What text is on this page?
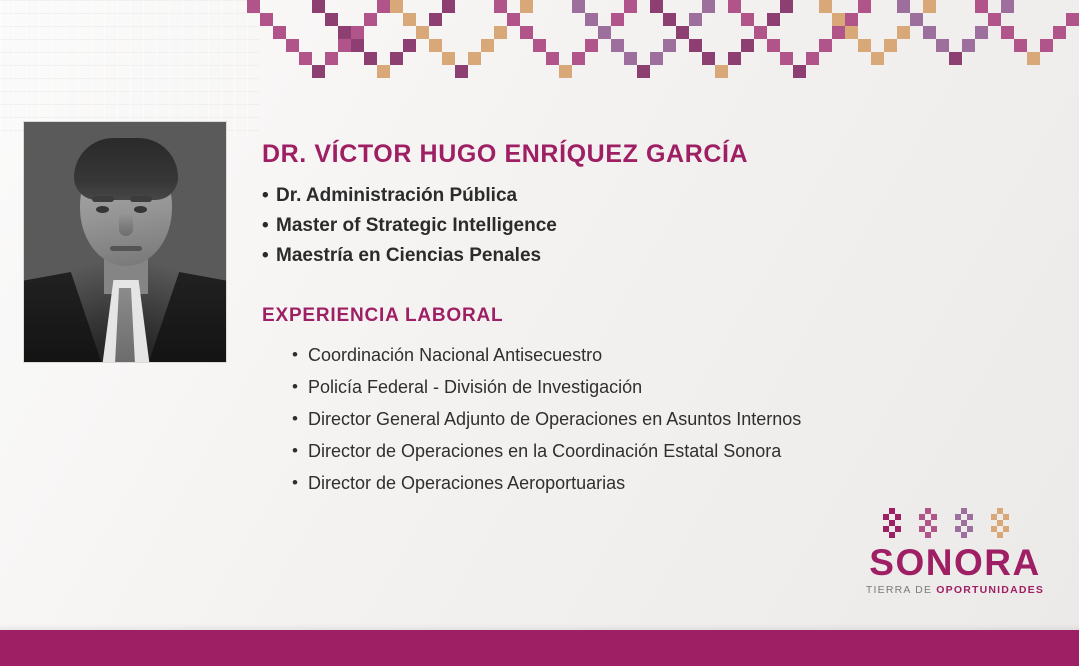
DR. VÍCTOR HUGO ENRÍQUEZ GARCÍA
• Dr. Administración Pública
• Master of Strategic Intelligence
• Maestría en Ciencias Penales
EXPERIENCIA LABORAL
• Coordinación Nacional Antisecuestro
• Policía Federal - División de Investigación
• Director General Adjunto de Operaciones en Asuntos Internos
• Director de Operaciones en la Coordinación Estatal Sonora
• Director de Operaciones Aeroportuarias
SONORA
TIERRA DE OPORTUNIDADES
